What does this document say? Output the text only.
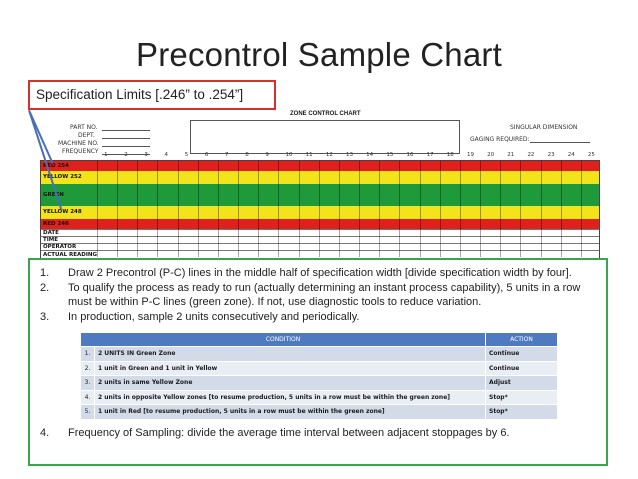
Precontrol Sample Chart
ZONE CONTROL CHART
PART NO.
DEPT.
MACHINE NO.
FREQUENCY
SINGULAR DIMENSION
GAGING REQUIRED:
RED 254
YELLOW 252
GREEN
YELLOW 248
RED 246
DATE
TIME
OPERATOR
ACTUAL READING
1	2	3	4	5	6	7	8	9	10 11 12 13 14 15 16 17 18 19 20 21 22 23 24 25
Specification Limits [.246” to .254”]
1.	Draw 2 Precontrol (P-C) lines in the middle half of specification width [divide specification width by four].
2.	To qualify the process as ready to run (actually determining an instant process capability), 5 units in a row must be within P-C lines (green zone). If not, use diagnostic tools to reduce variation.
3.	In production, sample 2 units consecutively and periodically.
CONDITION		ACTION
1.	2 UNITS IN Green Zone	Continue
2.	1 unit in Green and 1 unit in Yellow	Continue
3.	2 units in same Yellow Zone	Adjust
4.	2 units in opposite Yellow zones [to resume production, 5 units in a row must be within the green zone]	Stop*
5.	1 unit in Red [to resume production, 5 units in a row must be within the green zone]	Stop*
4.	Frequency of Sampling: divide the average time interval between adjacent stoppages by 6.
